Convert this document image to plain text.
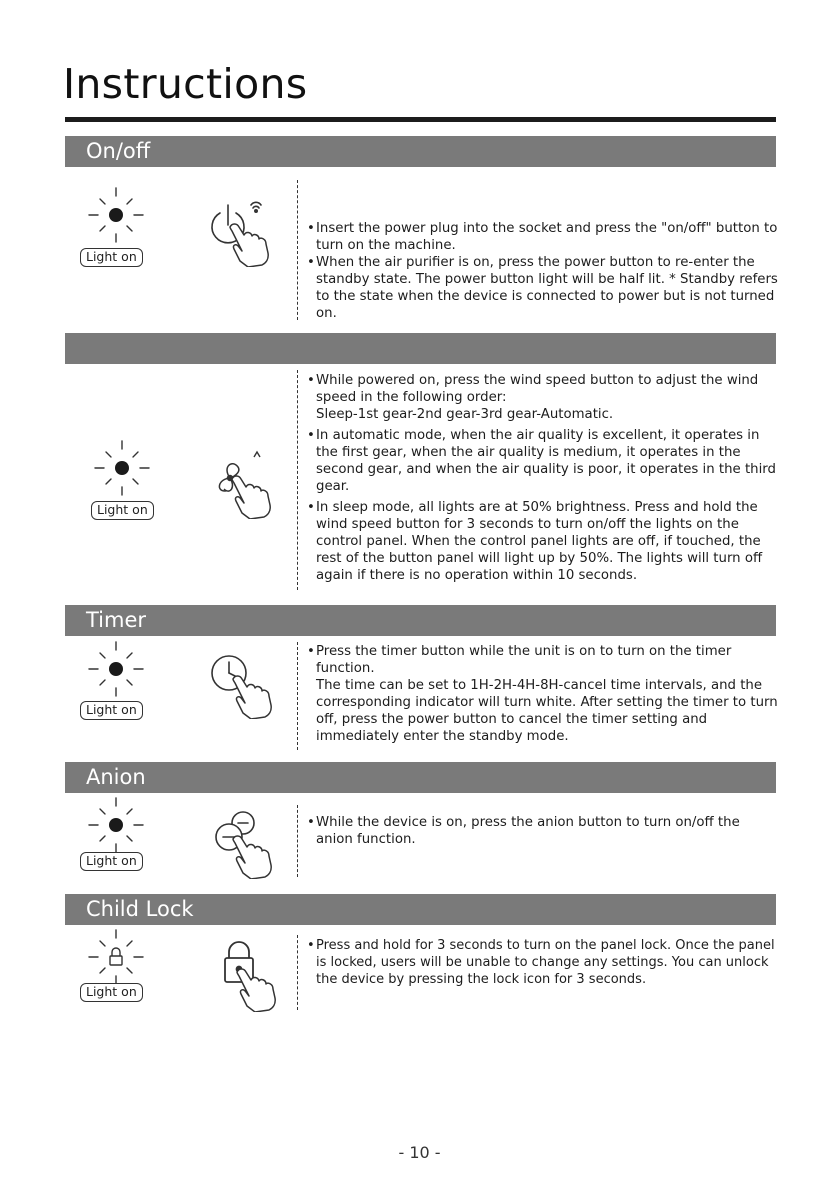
Instructions
On/off
Light on
• Insert the power plug into the socket and press the "on/off" button to turn on the machine.
• When the air purifier is on, press the power button to re-enter the standby state. The power button light will be half lit. * Standby refers to the state when the device is connected to power but is not turned on.
Light on
• While powered on, press the wind speed button to adjust the wind speed in the following order:
Sleep-1st gear-2nd gear-3rd gear-Automatic.
• In automatic mode, when the air quality is excellent, it operates in the first gear, when the air quality is medium, it operates in the second gear, and when the air quality is poor, it operates in the third gear.
• In sleep mode, all lights are at 50% brightness. Press and hold the wind speed button for 3 seconds to turn on/off the lights on the control panel. When the control panel lights are off, if touched, the rest of the button panel will light up by 50%. The lights will turn off again if there is no operation within 10 seconds.
Timer
Light on
• Press the timer button while the unit is on to turn on the timer function.
The time can be set to 1H-2H-4H-8H-cancel time intervals, and the corresponding indicator will turn white. After setting the timer to turn off, press the power button to cancel the timer setting and immediately enter the standby mode.
Anion
Light on
• While the device is on, press the anion button to turn on/off the anion function.
Child Lock
Light on
• Press and hold for 3 seconds to turn on the panel lock. Once the panel is locked, users will be unable to change any settings. You can unlock the device by pressing the lock icon for 3 seconds.
- 10 -
